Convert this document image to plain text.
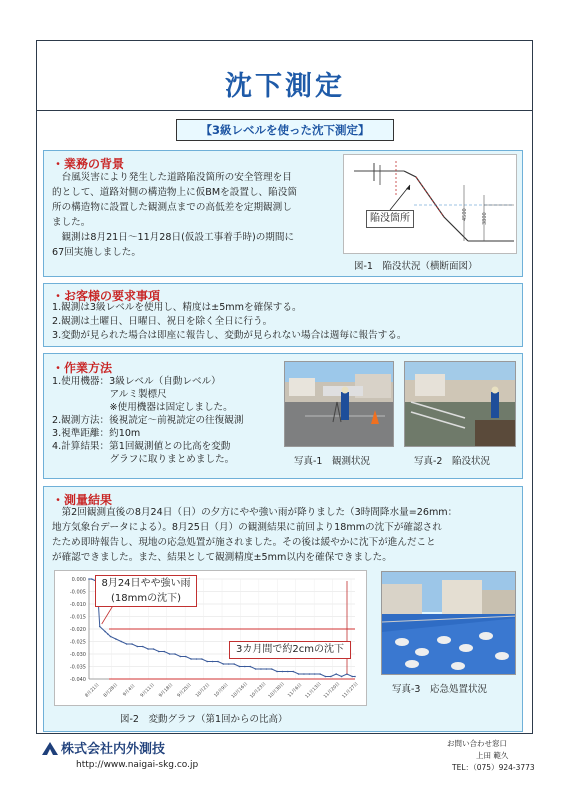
沈下測定
【3級レベルを使った沈下測定】
・業務の背景
　台風災害により発生した道路陥没箇所の安全管理を目
的として、道路対側の構造物上に仮BMを設置し、陥没箇
所の構造物に設置した観測点までの高低差を定期観測し
ました。
　観測は8月21日～11月28日(仮設工事着手時)の期間に
67回実施しました。
4500	3800
陥没箇所
図-1　陥没状況（横断面図）
・お客様の要求事項
1.観測は3級レベルを使用し、精度は±5mmを確保する。
2.観測は土曜日、日曜日、祝日を除く全日に行う。
3.変動が見られた場合は即座に報告し、変動が見られない場合は週毎に報告する。
・作業方法
1.使用機器：3級レベル（自動レベル）
　　　　　　アルミ製標尺
　　　　　　※使用機器は固定しました。
2.観測方法：後視読定～前視読定の往復観測
3.視準距離：約10m
4.計算結果：第1回観測値との比高を変動
　　　　　　グラフに取りまとめました。	写真-1　観測状況	写真-2　陥没状況
・測量結果
　第2回観測直後の8月24日（日）の夕方にやや強い雨が降りました（3時間降水量=26mm：
地方気象台データによる）。8月25日（月）の観測結果に前回より18mmの沈下が確認され
たため即時報告し、現地の応急処置が施されました。その後は緩やかに沈下が進んだこと
が確認できました。また、結果として観測精度±5mm以内を確保できました。
0.000
-0.005
-0.010
-0.015
-0.020
-0.025
-0.030
-0.035
-0.040
8月21日 8月28日 9月4日 9月11日 9月18日 9月25日 10月2日 10月9日 10月16日 10月23日 10月30日 11月6日 11月13日 11月20日 11月27日
8月24日やや強い雨
(18mmの沈下)
3カ月間で約2cmの沈下
図-2　変動グラフ（第1回からの比高）
写真-3　応急処置状況
株式会社内外測技
http://www.naigai-skg.co.jp
お問い合わせ窓口
上田 範久
TEL：（075）924-3773
